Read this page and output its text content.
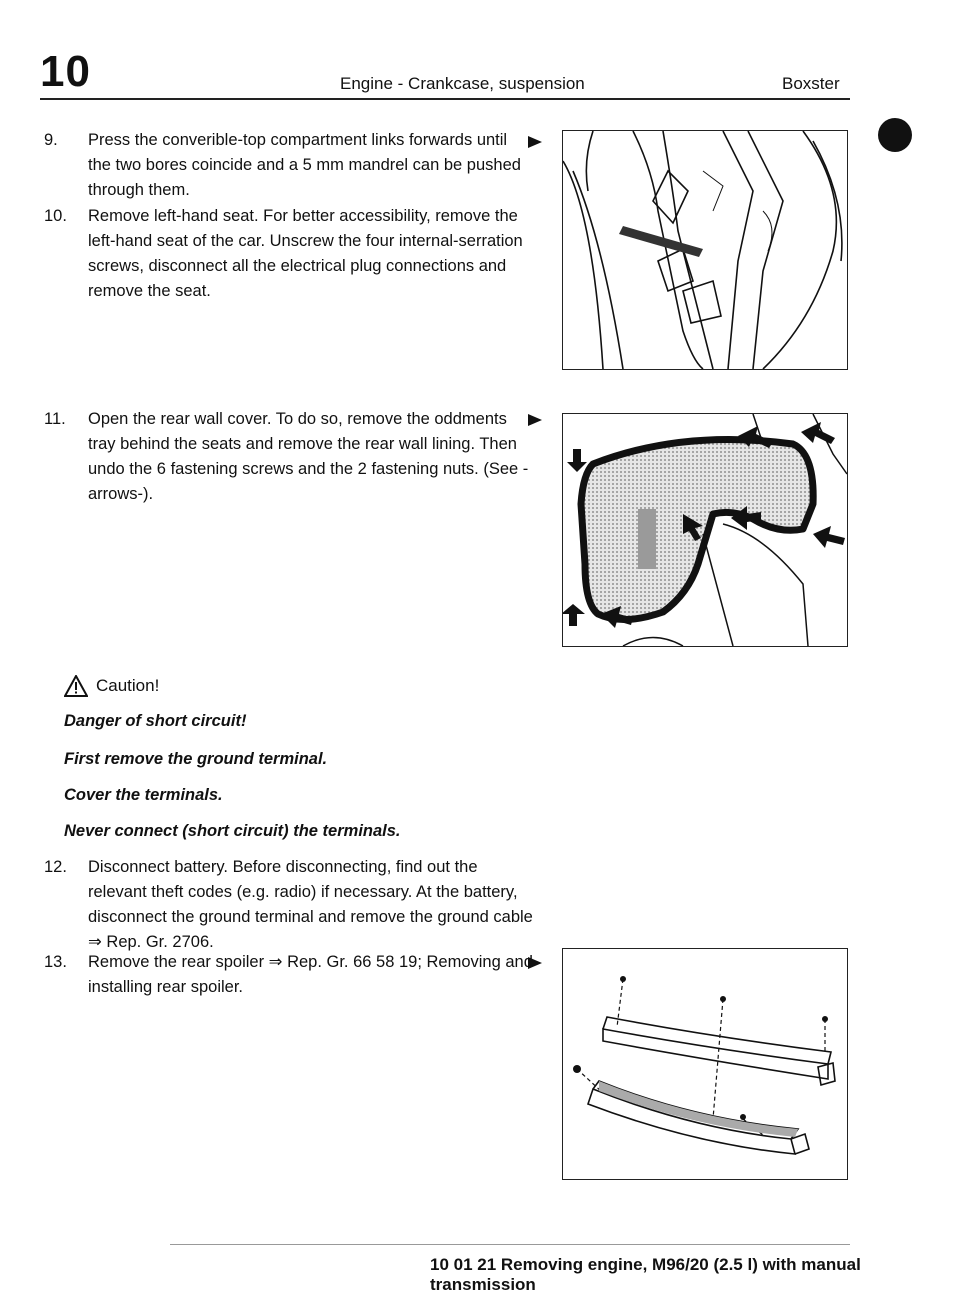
10	Engine - Crankcase, suspension	Boxster
9.	Press the converible-top compartment links forwards until the two bores coincide and a 5 mm mandrel can be pushed through them.
10.	Remove left-hand seat. For better accessibility, remove the left-hand seat of the car. Unscrew the four internal-serration screws, disconnect all the electrical plug connections and remove the seat.
11.	Open the rear wall cover. To do so, remove the oddments tray behind the seats and remove the rear wall lining. Then undo the 6 fastening screws and the 2 fastening nuts. (See -arrows-).
Caution!
Danger of short circuit!
First remove the ground terminal.
Cover the terminals.
Never connect (short circuit) the terminals.
12.	Disconnect battery. Before disconnecting, find out the relevant theft codes (e.g. radio) if necessary. At the battery, disconnect the ground terminal and remove the ground cable ⇒ Rep. Gr. 2706.
13.	Remove the rear spoiler ⇒ Rep. Gr. 66 58 19; Removing and installing rear spoiler.
10 01 21 Removing engine, M96/20 (2.5 l) with manual transmission
